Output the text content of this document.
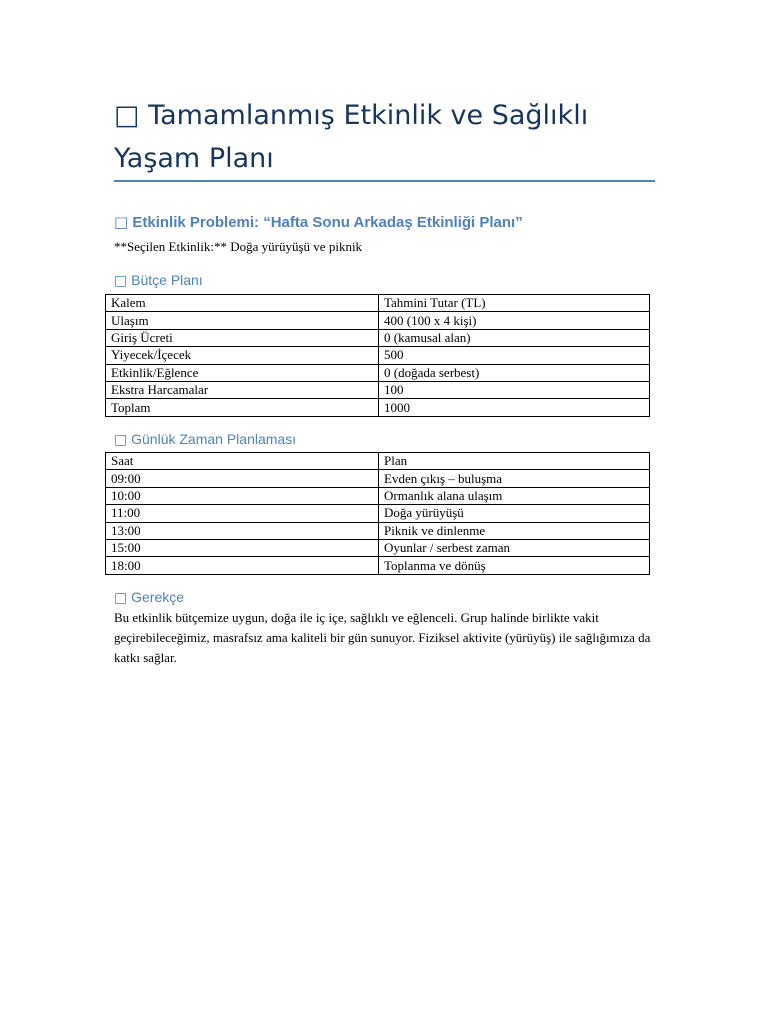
□ Tamamlanmış Etkinlik ve Sağlıklı
Yaşam Planı
□ Etkinlik Problemi: “Hafta Sonu Arkadaş Etkinliği Planı”
**Seçilen Etkinlik:** Doğa yürüyüşü ve piknik
□ Bütçe Planı
Kalem	Tahmini Tutar (TL)
Ulaşım	400 (100 x 4 kişi)
Giriş Ücreti	0 (kamusal alan)
Yiyecek/İçecek	500
Etkinlik/Eğlence	0 (doğada serbest)
Ekstra Harcamalar	100
Toplam	1000
□ Günlük Zaman Planlaması
Saat	Plan
09:00	Evden çıkış – buluşma
10:00	Ormanlık alana ulaşım
11:00	Doğa yürüyüşü
13:00	Piknik ve dinlenme
15:00	Oyunlar / serbest zaman
18:00	Toplanma ve dönüş
□ Gerekçe
Bu etkinlik bütçemize uygun, doğa ile iç içe, sağlıklı ve eğlenceli. Grup halinde birlikte vakit geçirebileceğimiz, masrafsız ama kaliteli bir gün sunuyor. Fiziksel aktivite (yürüyüş) ile sağlığımıza da katkı sağlar.
